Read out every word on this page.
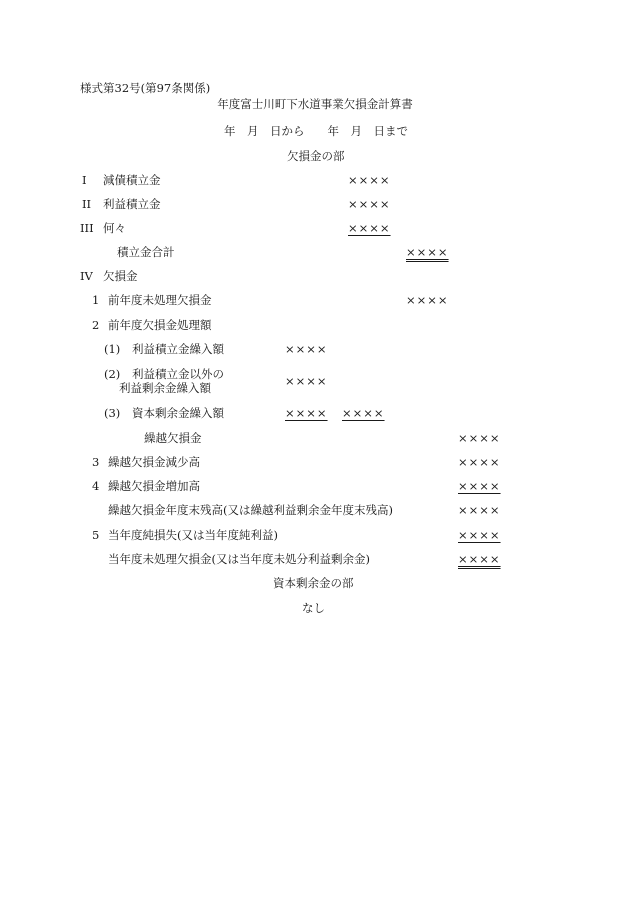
様式第32号(第97条関係)
年度富士川町下水道事業欠損金計算書
年　月　日から　　年　月　日まで
欠損金の部
I 減債積立金	××××
II 利益積立金	××××
III 何々	××××
積立金合計	××××
IV 欠損金
1 前年度未処理欠損金	××××
2 前年度欠損金処理額
(1) 利益積立金繰入額	××××
(2) 利益積立金以外の
利益剰余金繰入額	××××
(3) 資本剰余金繰入額	×××× ××××
繰越欠損金	××××
3 繰越欠損金減少高	××××
4 繰越欠損金増加高	××××
繰越欠損金年度末残高(又は繰越利益剰余金年度末残高)	××××
5 当年度純損失(又は当年度純利益)	××××
当年度未処理欠損金(又は当年度未処分利益剰余金)	××××
資本剰余金の部
なし
